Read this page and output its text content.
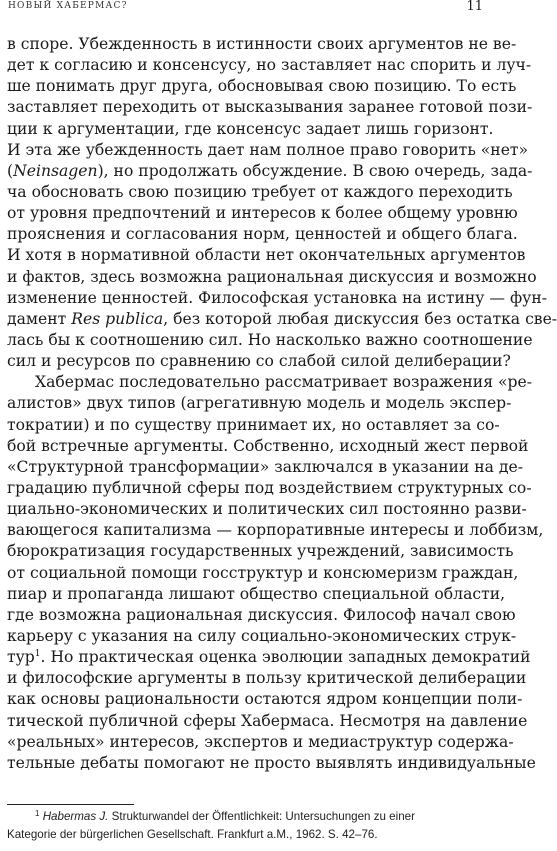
НОВЫЙ ХАБЕРМАС?	11
в споре. Убежденность в истинности своих аргументов не ве-
дет к согласию и консенсусу, но заставляет нас спорить и луч-
ше понимать друг друга, обосновывая свою позицию. То есть
заставляет переходить от высказывания заранее готовой пози-
ции к аргументации, где консенсус задает лишь горизонт.
И эта же убежденность дает нам полное право говорить «нет»
(Neinsagen), но продолжать обсуждение. В свою очередь, зада-
ча обосновать свою позицию требует от каждого переходить
от уровня предпочтений и интересов к более общему уровню
прояснения и согласования норм, ценностей и общего блага.
И хотя в нормативной области нет окончательных аргументов
и фактов, здесь возможна рациональная дискуссия и возможно
изменение ценностей. Философская установка на истину — фун-
дамент Res publica, без которой любая дискуссия без остатка све-
лась бы к соотношению сил. Но насколько важно соотношение
сил и ресурсов по сравнению со слабой силой делиберации?
Хабермас последовательно рассматривает возражения «ре-
алистов» двух типов (агрегативную модель и модель экспер-
тократии) и по существу принимает их, но оставляет за со-
бой встречные аргументы. Собственно, исходный жест первой
«Структурной трансформации» заключался в указании на де-
градацию публичной сферы под воздействием структурных со-
циально-экономических и политических сил постоянно разви-
вающегося капитализма — корпоративные интересы и лоббизм,
бюрократизация государственных учреждений, зависимость
от социальной помощи госструктур и консюмеризм граждан,
пиар и пропаганда лишают общество специальной области,
где возможна рациональная дискуссия. Философ начал свою
карьеру с указания на силу социально-экономических струк-
тур$^1$. Но практическая оценка эволюции западных демократий
и философские аргументы в пользу критической делиберации
как основы рациональности остаются ядром концепции поли-
тической публичной сферы Хабермаса. Несмотря на давление
«реальных» интересов, экспертов и медиаструктур содержа-
тельные дебаты помогают не просто выявлять индивидуальные
$^1$ Habermas J. Strukturwandel der Öffentlichkeit: Untersuchungen zu einer
Kategorie der bürgerlichen Gesellschaft. Frankfurt a.M., 1962. S. 42–76.
